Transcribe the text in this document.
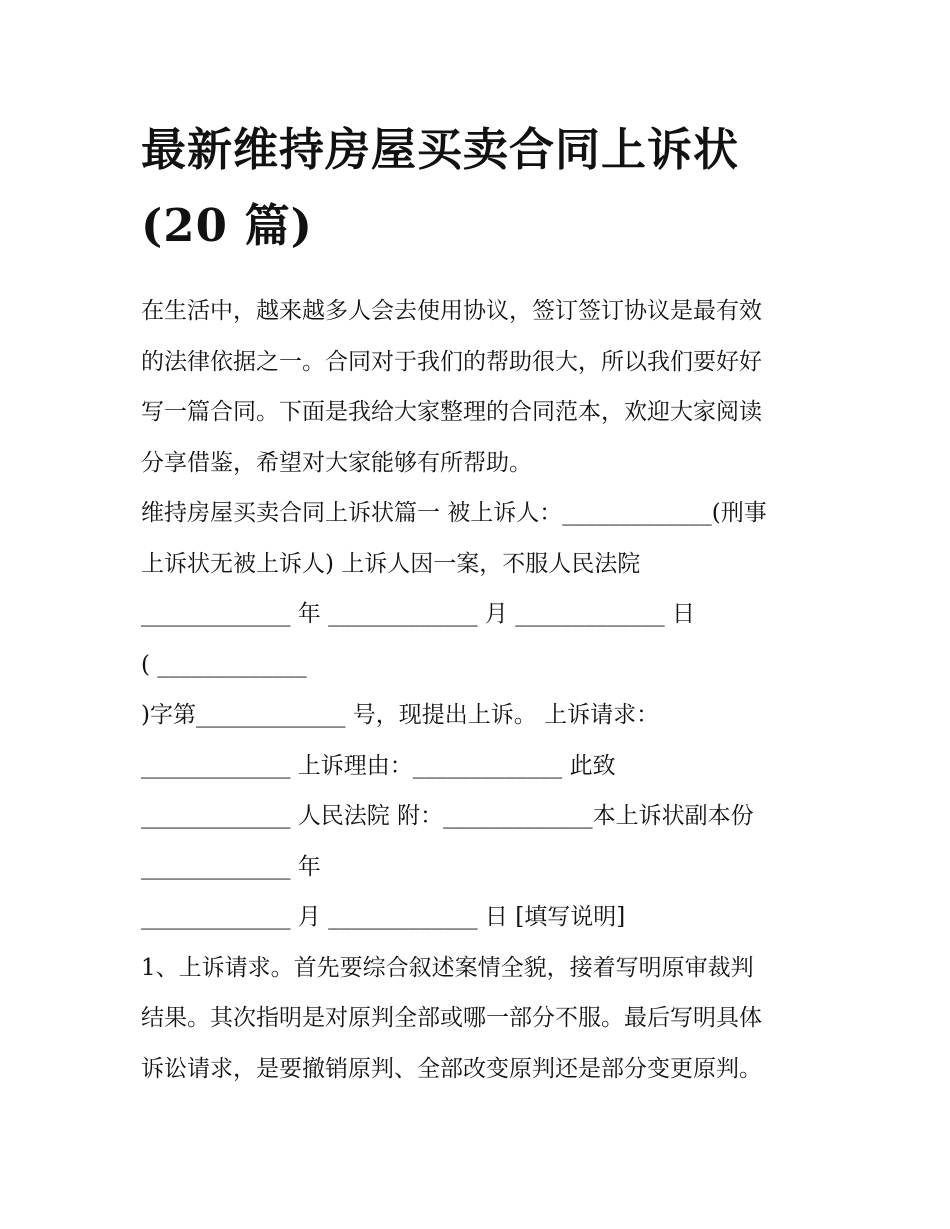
最新维持房屋买卖合同上诉状
(20 篇)
在生活中，越来越多人会去使用协议，签订签订协议是最有效
的法律依据之一。合同对于我们的帮助很大，所以我们要好好
写一篇合同。下面是我给大家整理的合同范本，欢迎大家阅读
分享借鉴，希望对大家能够有所帮助。
维持房屋买卖合同上诉状篇一 被上诉人：_____________(刑事
上诉状无被上诉人) 上诉人因一案，不服人民法院
_____________ 年 _____________ 月 _____________ 日
( _____________
)字第_____________ 号，现提出上诉。 上诉请求：
_____________ 上诉理由：_____________ 此致
_____________ 人民法院 附：_____________本上诉状副本份
_____________ 年
_____________ 月 _____________ 日 [填写说明]
1、上诉请求。首先要综合叙述案情全貌，接着写明原审裁判
结果。其次指明是对原判全部或哪一部分不服。最后写明具体
诉讼请求，是要撤销原判、全部改变原判还是部分变更原判。
